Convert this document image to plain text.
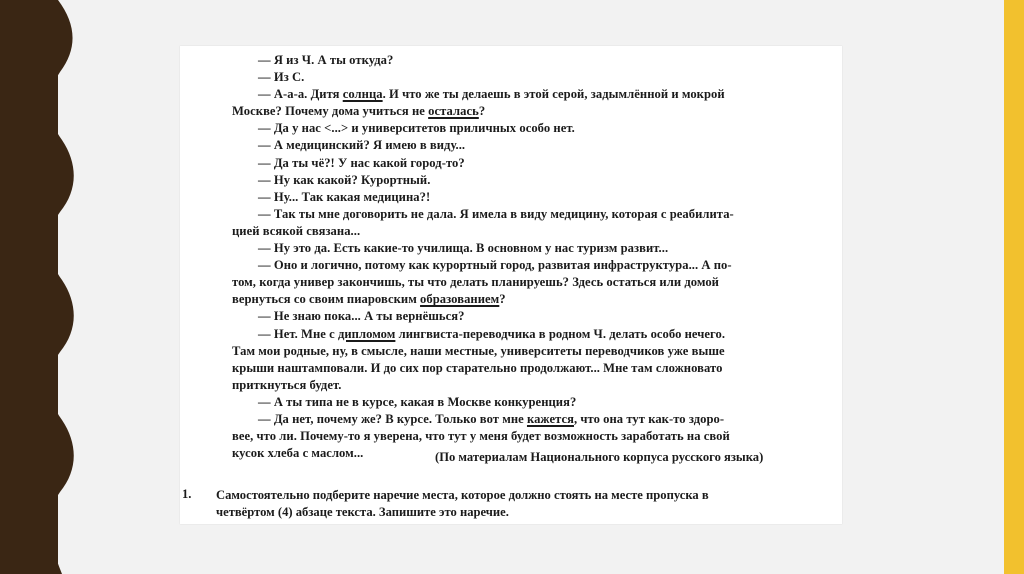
— Я из Ч. А ты откуда?
— Из С.
— А-а-а. Дитя солнца. И что же ты делаешь в этой серой, задымлённой и мокрой
Москве? Почему дома учиться не осталась?
— Да у нас <...> и университетов приличных особо нет.
— А медицинский? Я имею в виду...
— Да ты чё?! У нас какой город-то?
— Ну как какой? Курортный.
— Ну... Так какая медицина?!
— Так ты мне договорить не дала. Я имела в виду медицину, которая с реабилита-
цией всякой связана...
— Ну это да. Есть какие-то училища. В основном у нас туризм развит...
— Оно и логично, потому как курортный город, развитая инфраструктура... А по-
том, когда универ закончишь, ты что делать планируешь? Здесь остаться или домой
вернуться со своим пиаровским образованием?
— Не знаю пока... А ты вернёшься?
— Нет. Мне с дипломом лингвиста-переводчика в родном Ч. делать особо нечего.
Там мои родные, ну, в смысле, наши местные, университеты переводчиков уже выше
крыши наштамповали. И до сих пор старательно продолжают... Мне там сложновато
приткнуться будет.
— А ты типа не в курсе, какая в Москве конкуренция?
— Да нет, почему же? В курсе. Только вот мне кажется, что она тут как-то здоро-
вее, что ли. Почему-то я уверена, что тут у меня будет возможность заработать на свой
кусок хлеба с маслом...	(По материалам Национального корпуса русского языка)
1. Самостоятельно подберите наречие места, которое должно стоять на месте пропуска в
четвёртом (4) абзаце текста. Запишите это наречие.
